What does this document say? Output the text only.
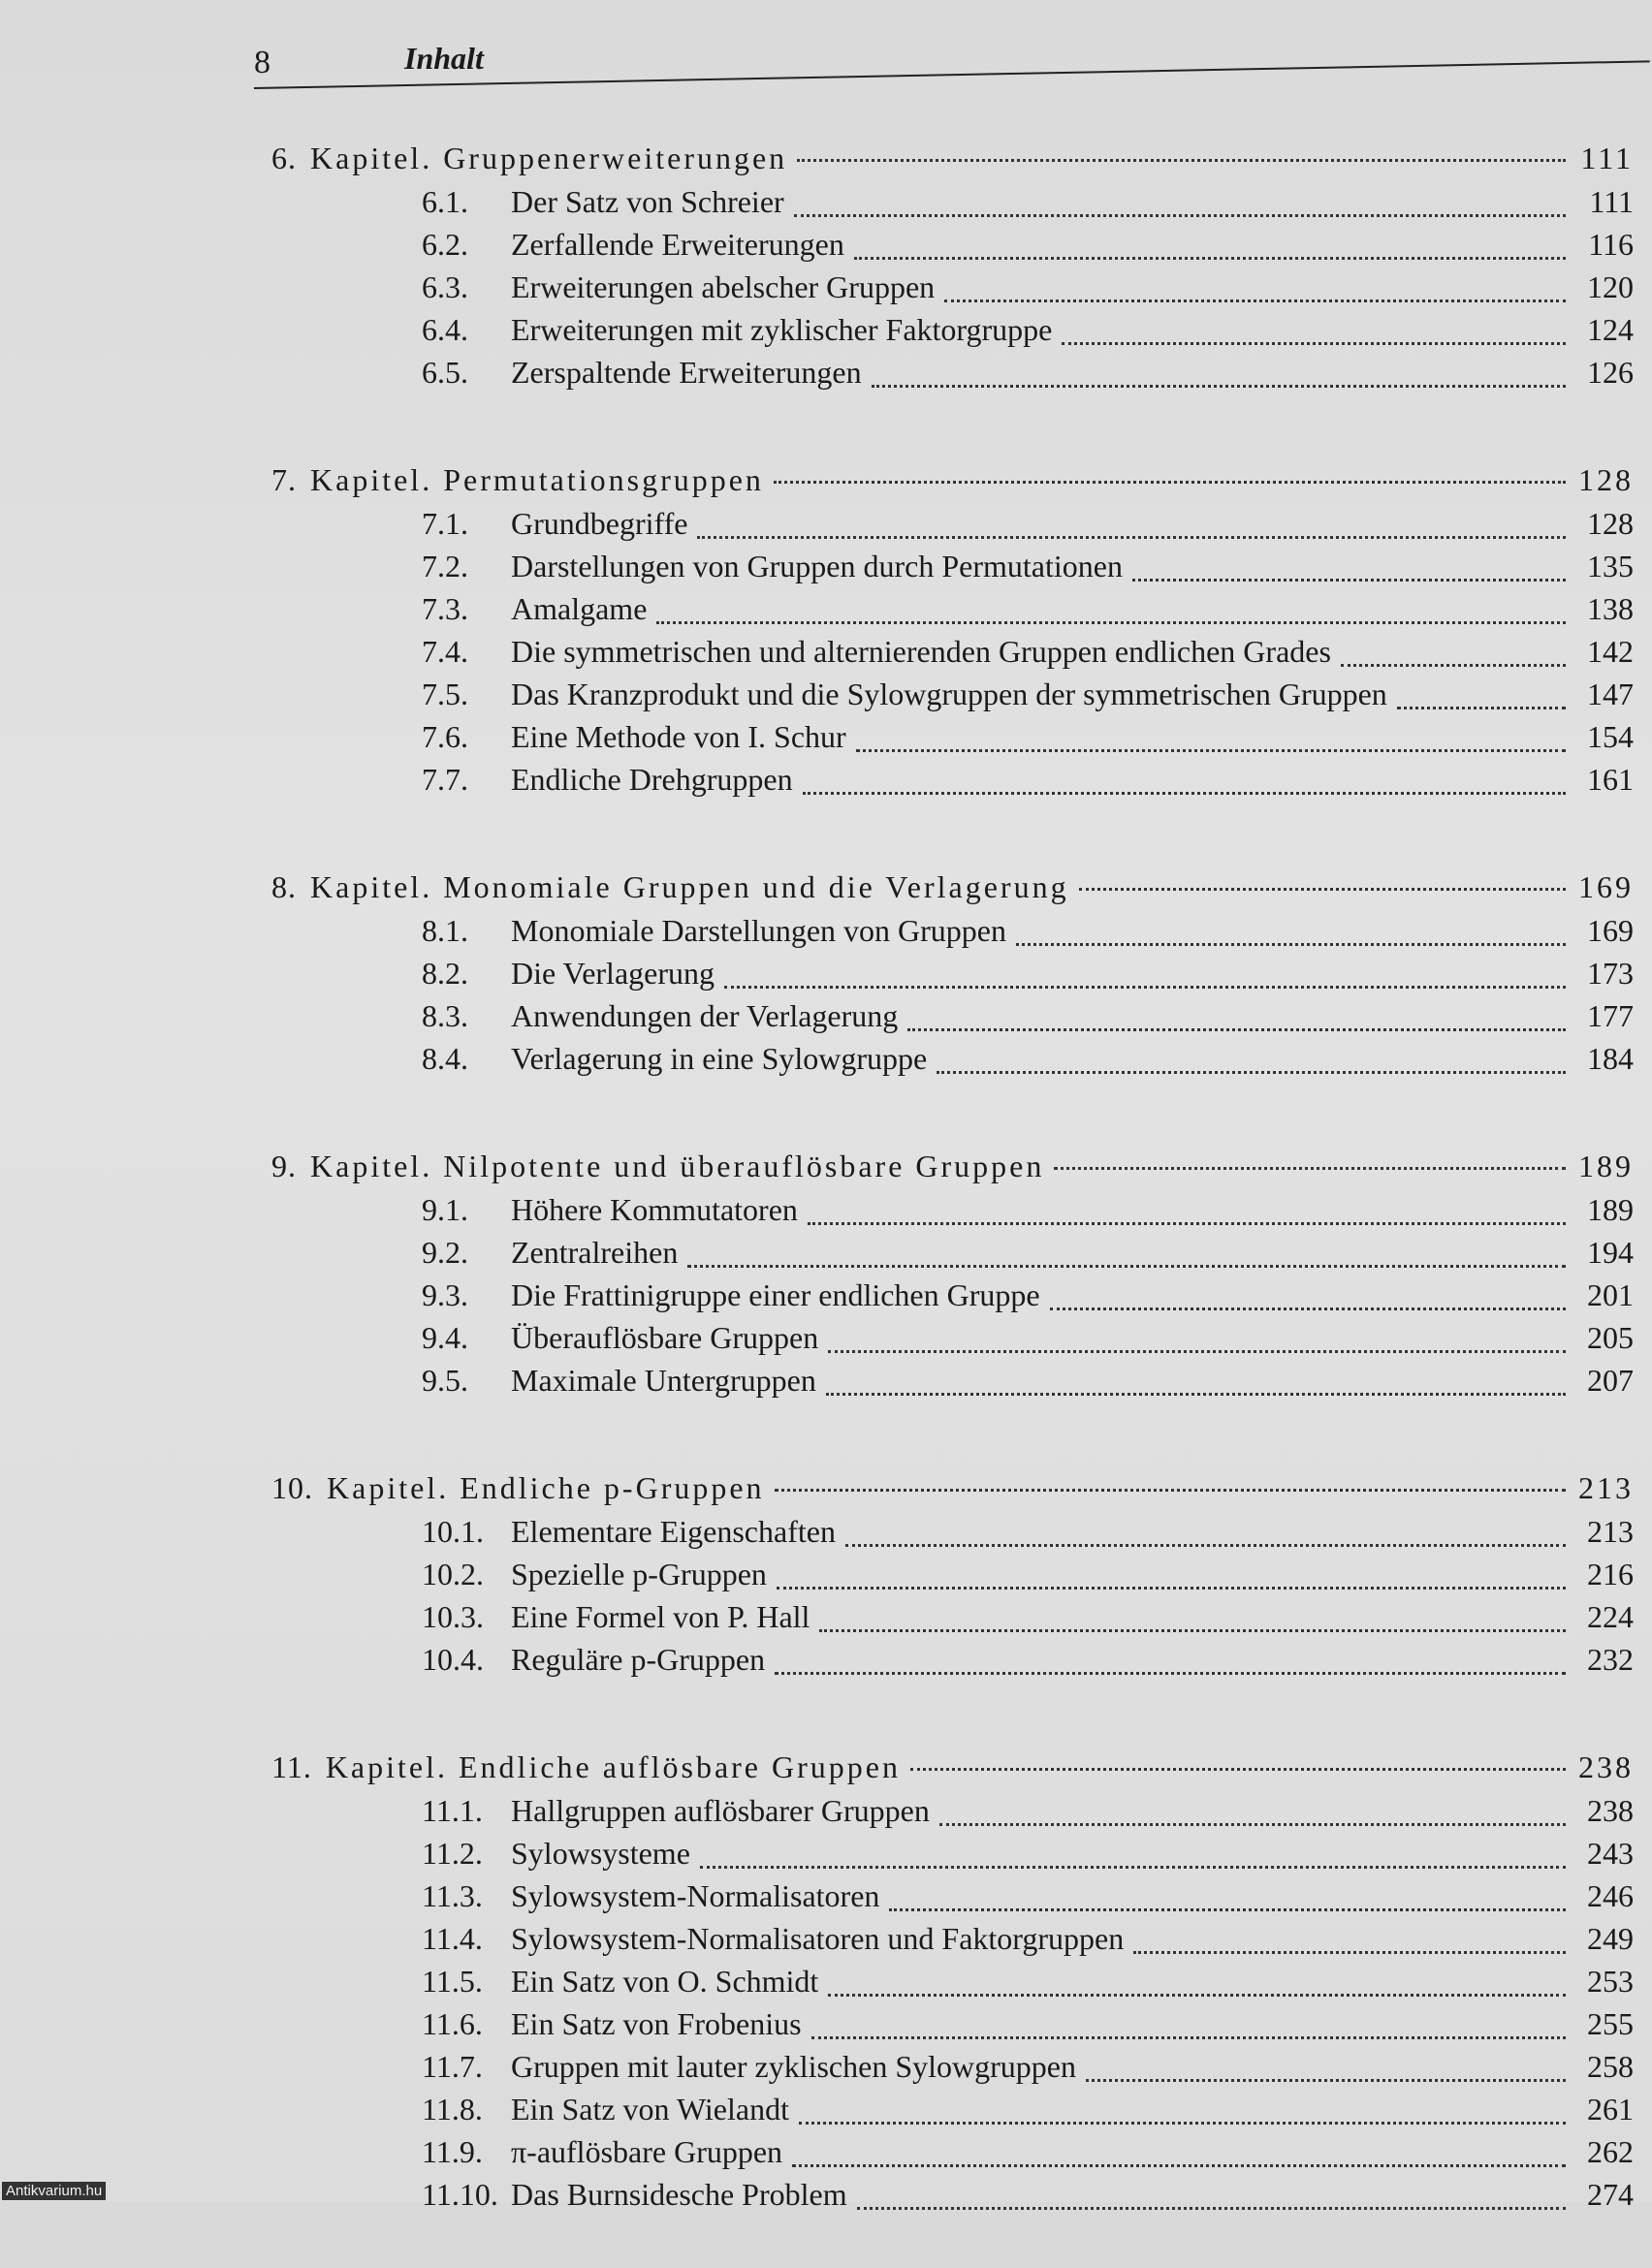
8	Inhalt
6. Kapitel. Gruppenerweiterungen	111
6.1.	Der Satz von Schreier	111
6.2.	Zerfallende Erweiterungen	116
6.3.	Erweiterungen abelscher Gruppen	120
6.4.	Erweiterungen mit zyklischer Faktorgruppe	124
6.5.	Zerspaltende Erweiterungen	126
7. Kapitel. Permutationsgruppen	128
7.1.	Grundbegriffe	128
7.2.	Darstellungen von Gruppen durch Permutationen	135
7.3.	Amalgame	138
7.4.	Die symmetrischen und alternierenden Gruppen endlichen Grades	142
7.5.	Das Kranzprodukt und die Sylowgruppen der symmetrischen Gruppen	147
7.6.	Eine Methode von I. Schur	154
7.7.	Endliche Drehgruppen	161
8. Kapitel. Monomiale Gruppen und die Verlagerung	169
8.1.	Monomiale Darstellungen von Gruppen	169
8.2.	Die Verlagerung	173
8.3.	Anwendungen der Verlagerung	177
8.4.	Verlagerung in eine Sylowgruppe	184
9. Kapitel. Nilpotente und überauflösbare Gruppen	189
9.1.	Höhere Kommutatoren	189
9.2.	Zentralreihen	194
9.3.	Die Frattinigruppe einer endlichen Gruppe	201
9.4.	Überauflösbare Gruppen	205
9.5.	Maximale Untergruppen	207
10. Kapitel. Endliche p-Gruppen	213
10.1. Elementare Eigenschaften	213
10.2. Spezielle p-Gruppen	216
10.3. Eine Formel von P. Hall	224
10.4. Reguläre p-Gruppen	232
11. Kapitel. Endliche auflösbare Gruppen	238
11.1. Hallgruppen auflösbarer Gruppen	238
11.2. Sylowsysteme	243
11.3. Sylowsystem-Normalisatoren	246
11.4. Sylowsystem-Normalisatoren und Faktorgruppen	249
11.5. Ein Satz von O. Schmidt	253
11.6. Ein Satz von Frobenius	255
11.7. Gruppen mit lauter zyklischen Sylowgruppen	258
11.8. Ein Satz von Wielandt	261
11.9. π-auflösbare Gruppen	262
11.10. Das Burnsidesche Problem	274
Antikvarium.hu
